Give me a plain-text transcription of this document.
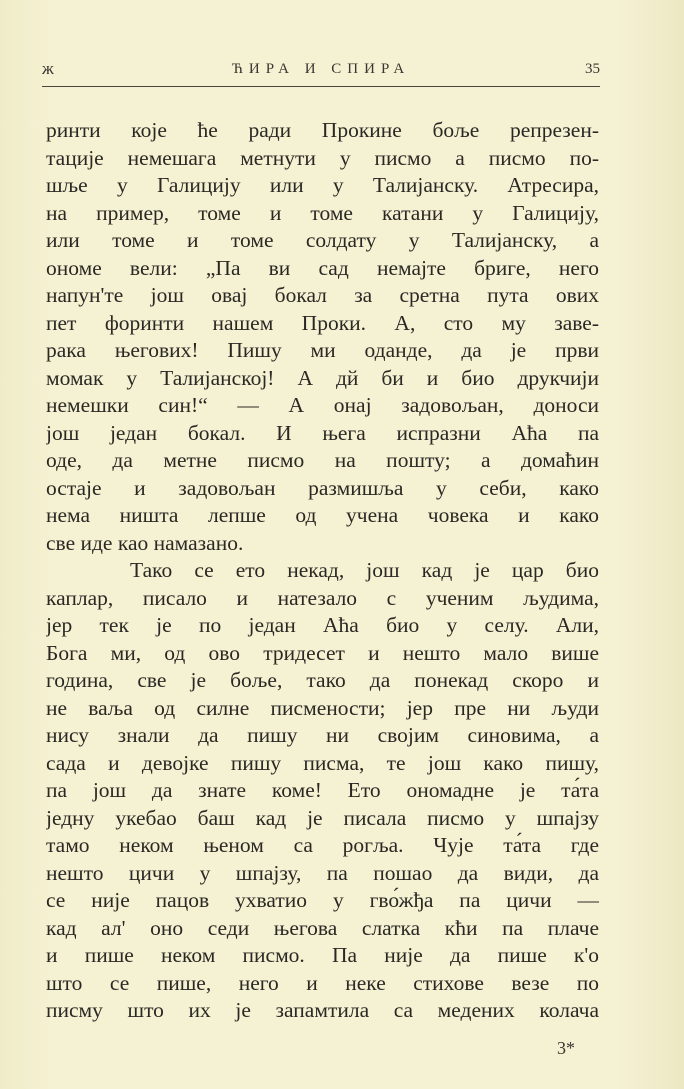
ж	ЋИРА И СПИРА	35
ринти које ће ради Прокине боље репрезен-
тације немешага метнути у писмо а писмо по-
шље у Галицију или у Талијанску. Атресира,
на пример, томе и томе катани у Галицију,
или томе и томе солдату у Талијанску, а
ономе вели: „Па ви сад немајте бриге, него
напун'те још овај бокал за сретна пута ових
пет форинти нашем Проки. А, сто му заве-
рака његових! Пишу ми оданде, да је први
момак у Талијанској! А дй би и био друкчији
немешки син!“ — А онај задовољан, доноси
још један бокал. И њега испразни Аћа па
оде, да метне писмо на пошту; а домаћин
остаје и задовољан размишља у себи, како
нема ништа лепше од учена човека и како
све иде као намазано.
Тако се ето некад, још кад је цар био
каплар, писало и натезало с ученим људима,
јер тек је по један Аћа био у селу. Али,
Бога ми, од ово тридесет и нешто мало више
година, све је боље, тако да понекад скоро и
не ваља од силне писмености; јер пре ни људи
нису знали да пишу ни својим синовима, а
сада и девојке пишу писма, те још како пишу,
па још да знате коме! Ето ономадне је та́та
једну укебао баш кад је писала писмо у шпајзу
тамо неком њеном са рогља. Чује та́та где
нешто цичи у шпајзу, па пошао да види, да
се није пацов ухватио у гво́жђа па цичи —
кад ал' оно седи његова слатка кћи па плаче
и пише неком писмо. Па није да пише к'о
што се пише, него и неке стихове везе по
писму што их је запамтила са медених колача
3*
